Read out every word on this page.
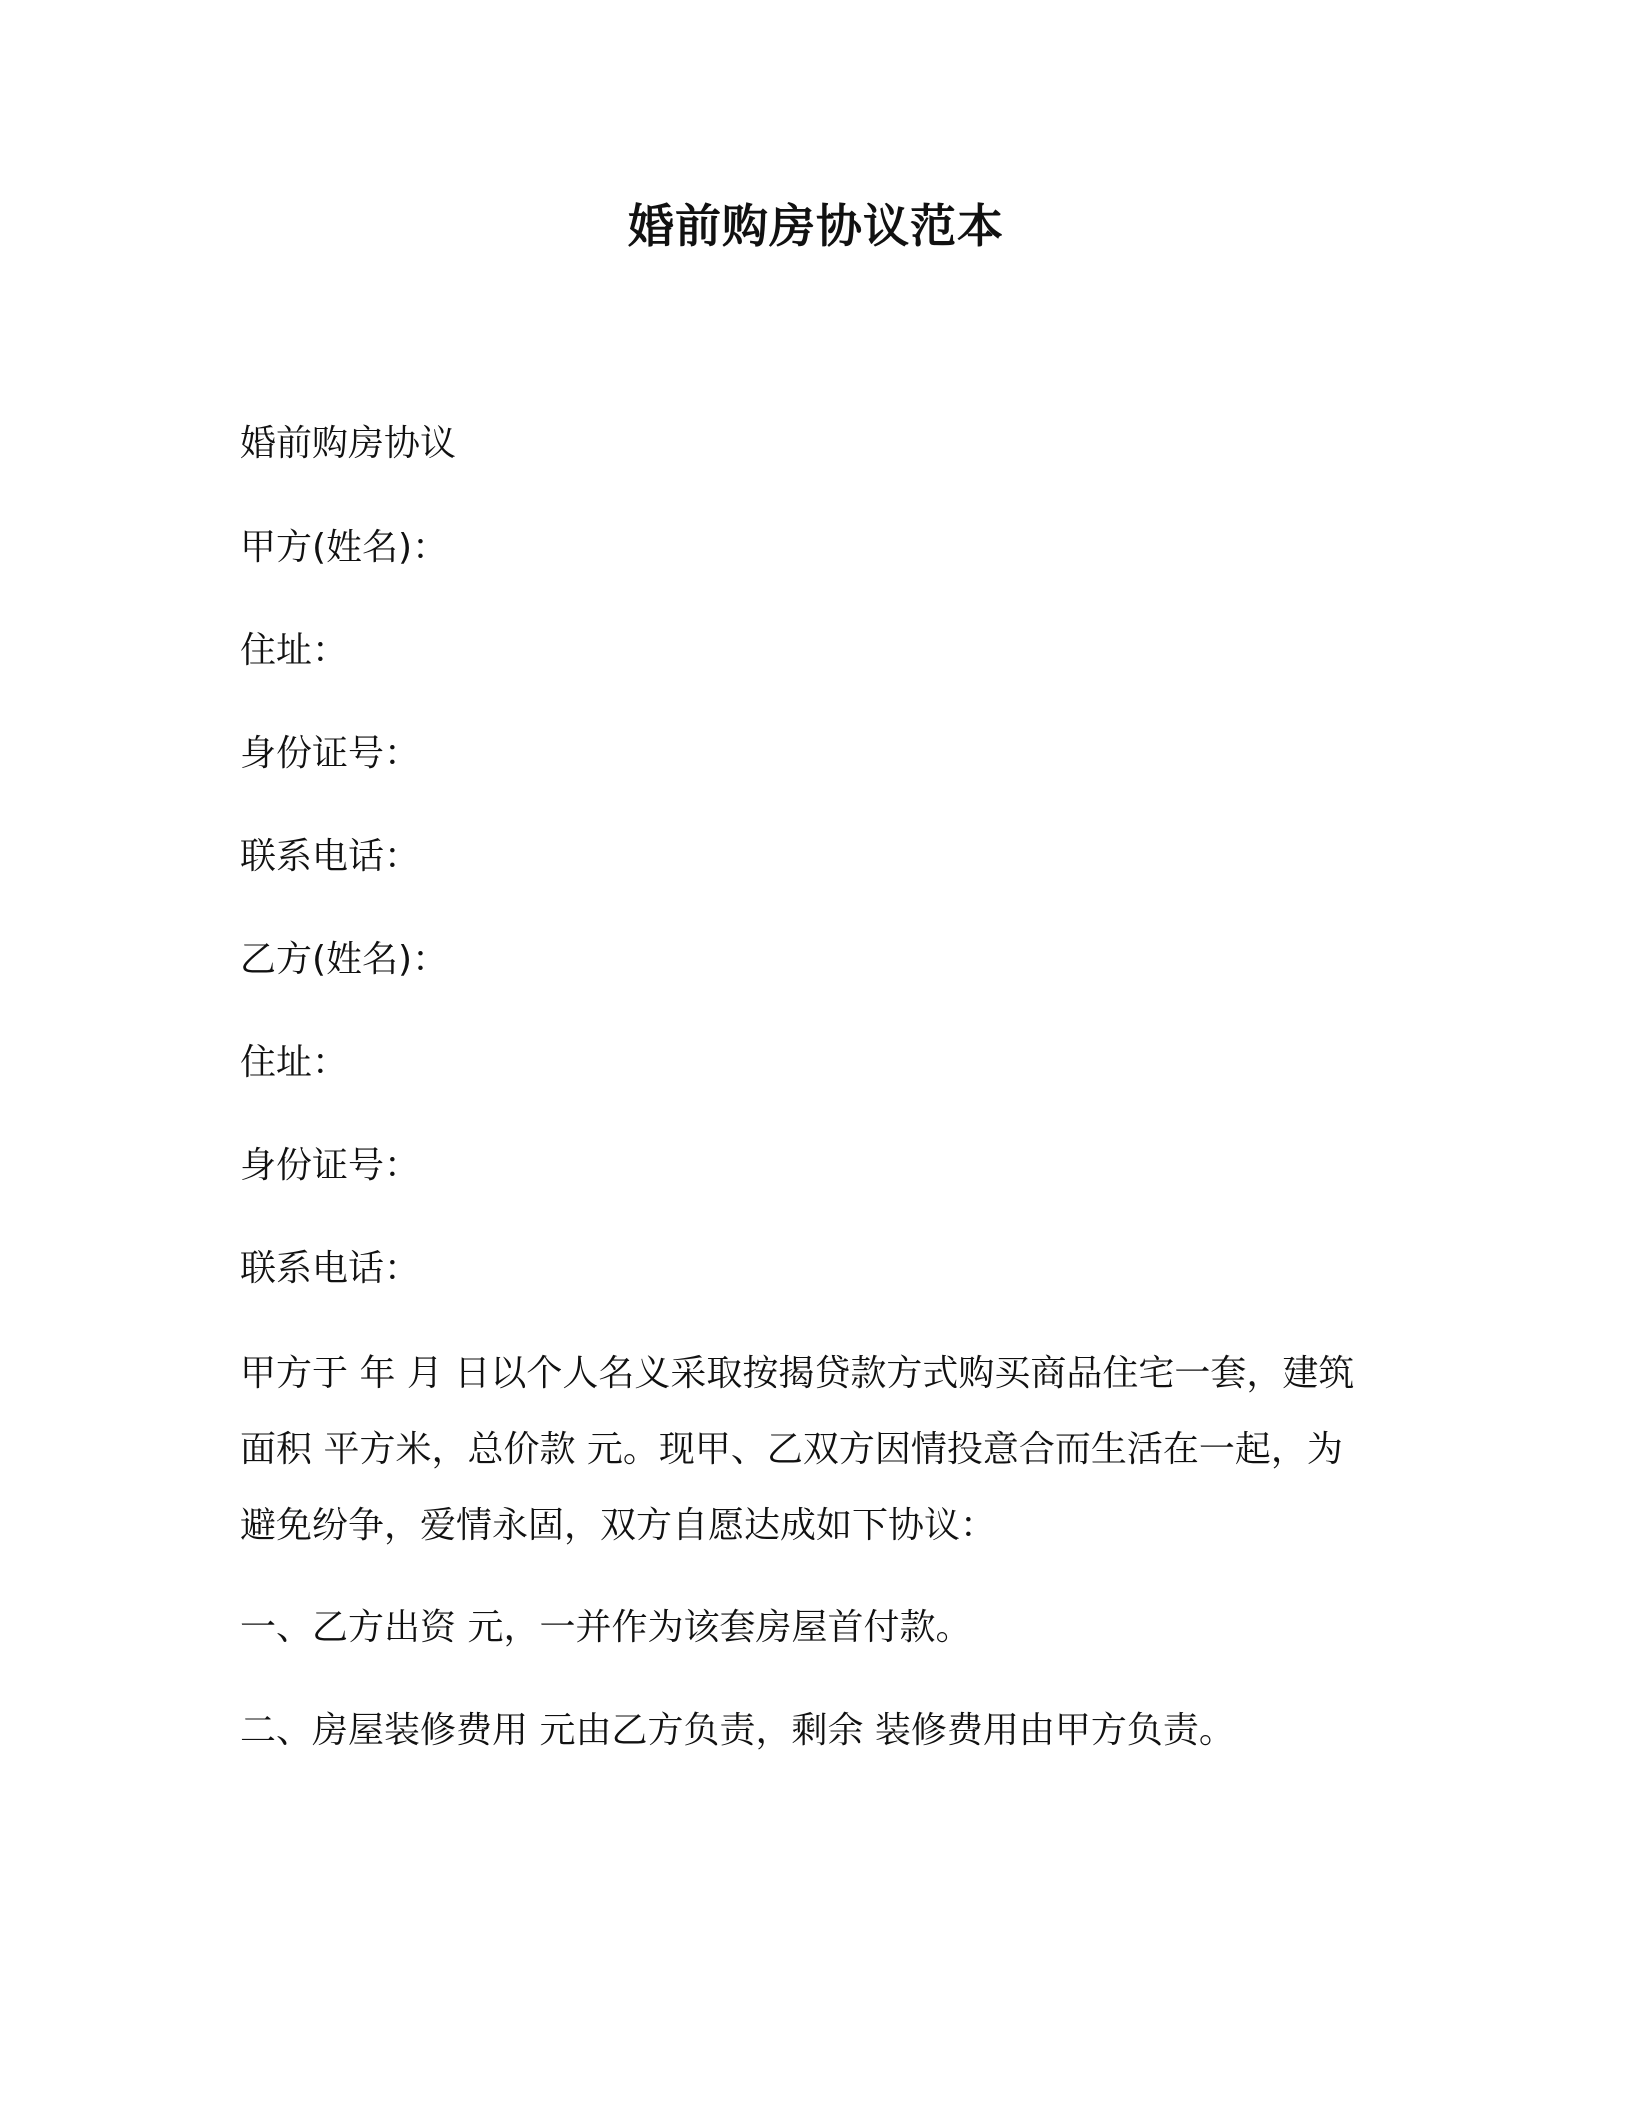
婚前购房协议范本
婚前购房协议
甲方(姓名)：
住址：
身份证号：
联系电话：
乙方(姓名)：
住址：
身份证号：
联系电话：
甲方于 年 月 日以个人名义采取按揭贷款方式购买商品住宅一套，建筑
面积 平方米，总价款 元。现甲、乙双方因情投意合而生活在一起，为
避免纷争，爱情永固，双方自愿达成如下协议：
一、乙方出资 元，一并作为该套房屋首付款。
二、房屋装修费用 元由乙方负责，剩余 装修费用由甲方负责。
